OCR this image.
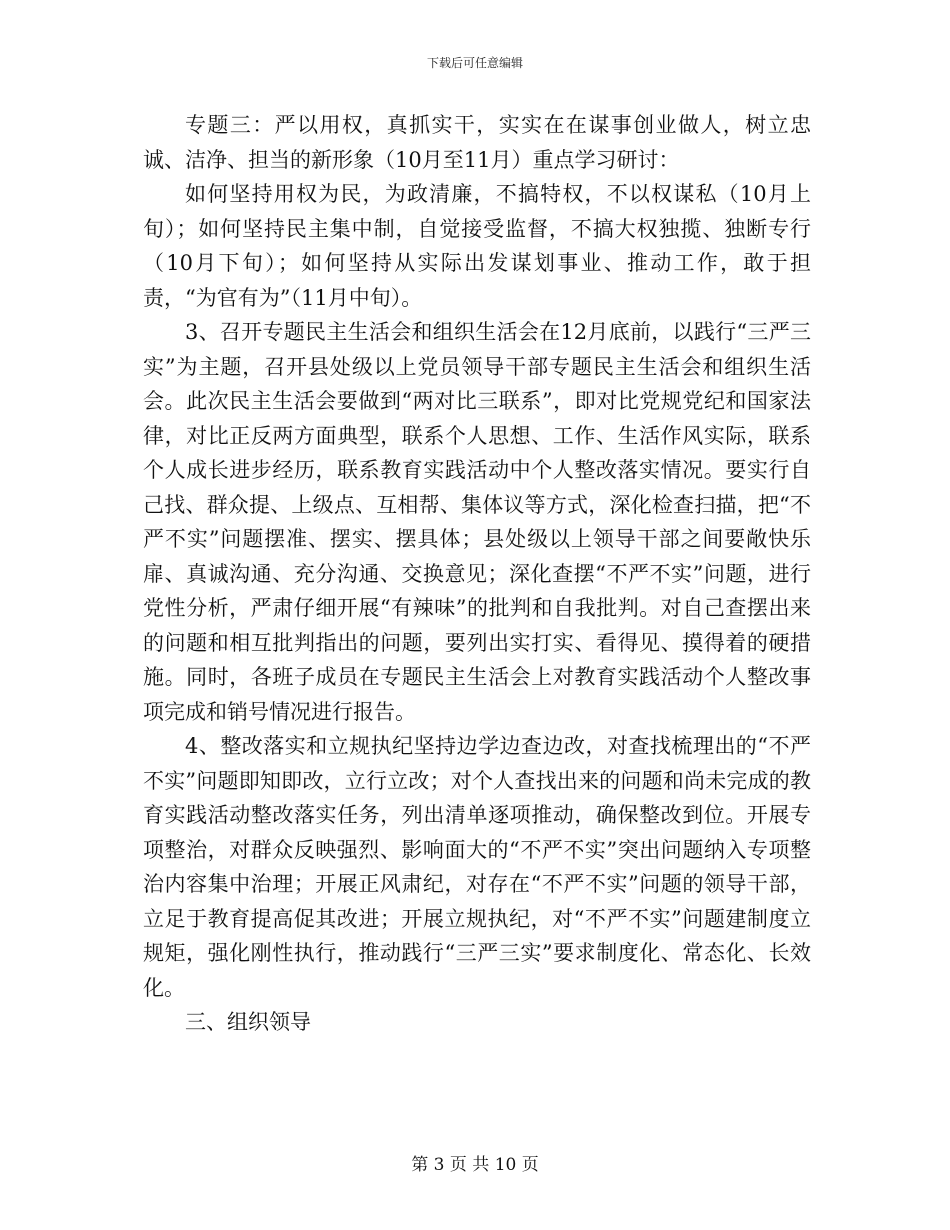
下载后可任意编辑

专题三：严以用权，真抓实干，实实在在谋事创业做人，树立忠诚、洁净、担当的新形象（10月至11月）重点学习研讨：

如何坚持用权为民，为政清廉，不搞特权，不以权谋私（10月上旬）；如何坚持民主集中制，自觉接受监督，不搞大权独揽、独断专行（10月下旬）；如何坚持从实际出发谋划事业、推动工作，敢于担责，“为官有为”（11月中旬）。

3、召开专题民主生活会和组织生活会在12月底前，以践行“三严三实”为主题，召开县处级以上党员领导干部专题民主生活会和组织生活会。此次民主生活会要做到“两对比三联系”，即对比党规党纪和国家法律，对比正反两方面典型，联系个人思想、工作、生活作风实际，联系个人成长进步经历，联系教育实践活动中个人整改落实情况。要实行自己找、群众提、上级点、互相帮、集体议等方式，深化检查扫描，把“不严不实”问题摆准、摆实、摆具体；县处级以上领导干部之间要敞快乐扉、真诚沟通、充分沟通、交换意见；深化查摆“不严不实”问题，进行党性分析，严肃仔细开展“有辣味”的批判和自我批判。对自己查摆出来的问题和相互批判指出的问题，要列出实打实、看得见、摸得着的硬措施。同时，各班子成员在专题民主生活会上对教育实践活动个人整改事项完成和销号情况进行报告。

4、整改落实和立规执纪坚持边学边查边改，对查找梳理出的“不严不实”问题即知即改，立行立改；对个人查找出来的问题和尚未完成的教育实践活动整改落实任务，列出清单逐项推动，确保整改到位。开展专项整治，对群众反映强烈、影响面大的“不严不实”突出问题纳入专项整治内容集中治理；开展正风肃纪，对存在“不严不实”问题的领导干部，立足于教育提高促其改进；开展立规执纪，对“不严不实”问题建制度立规矩，强化刚性执行，推动践行“三严三实”要求制度化、常态化、长效化。

三、组织领导

第 3 页 共 10 页
